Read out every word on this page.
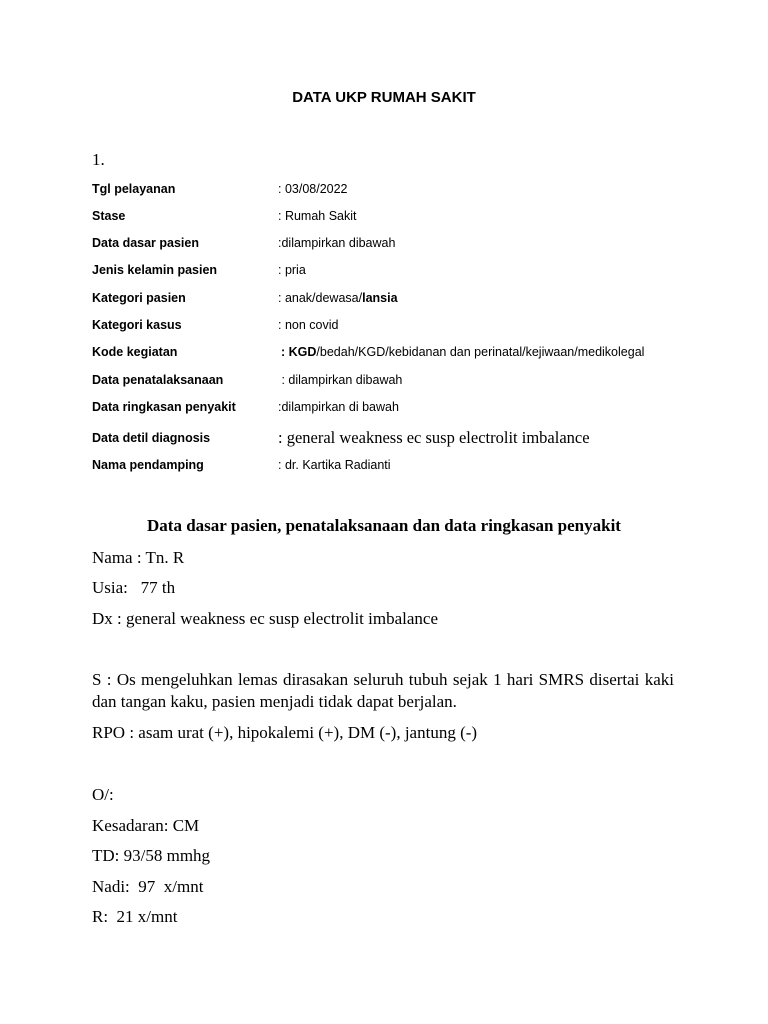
DATA UKP RUMAH SAKIT
1.
Tgl pelayanan	: 03/08/2022
Stase	: Rumah Sakit
Data dasar pasien	:dilampirkan dibawah
Jenis kelamin pasien	: pria
Kategori pasien	: anak/dewasa/lansia
Kategori kasus	: non covid
Kode kegiatan	: KGD/bedah/KGD/kebidanan dan perinatal/kejiwaan/medikolegal
Data penatalaksanaan	: dilampirkan dibawah
Data ringkasan penyakit	:dilampirkan di bawah
Data detil diagnosis	: general weakness ec susp electrolit imbalance
Nama pendamping	: dr. Kartika Radianti
Data dasar pasien, penatalaksanaan dan data ringkasan penyakit
Nama : Tn. R
Usia:   77 th
Dx : general weakness ec susp electrolit imbalance
S : Os mengeluhkan lemas dirasakan seluruh tubuh sejak 1 hari SMRS disertai kaki dan tangan kaku, pasien menjadi tidak dapat berjalan.
RPO : asam urat (+), hipokalemi (+), DM (-), jantung (-)
O/:
Kesadaran: CM
TD: 93/58 mmhg
Nadi:  97  x/mnt
R:  21 x/mnt
